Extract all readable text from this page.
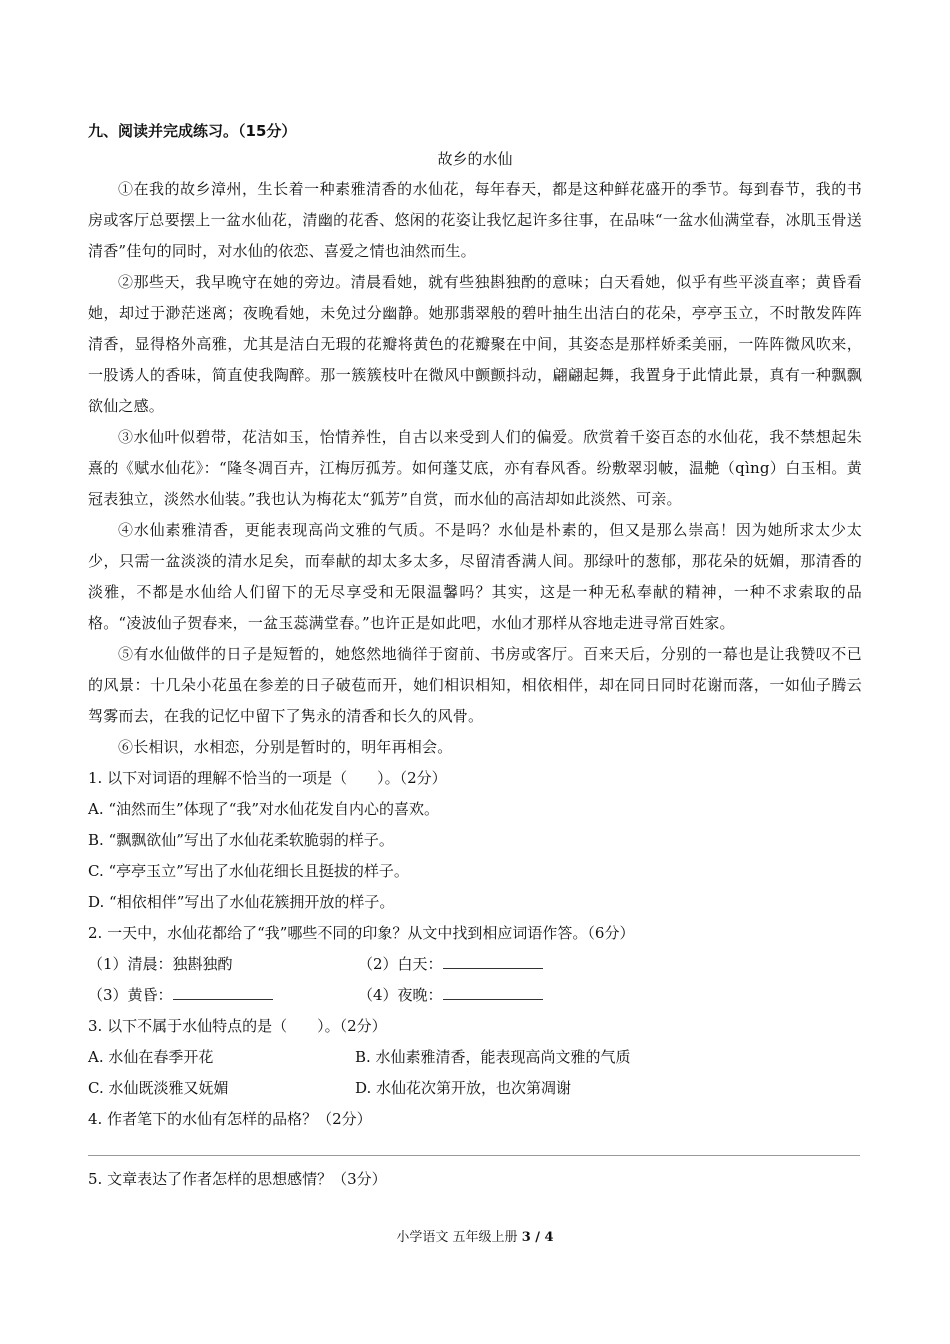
九、阅读并完成练习。（15分）
故乡的水仙

①在我的故乡漳州，生长着一种素雅清香的水仙花，每年春天，都是这种鲜花盛开的季节。每到春节，我的书房或客厅总要摆上一盆水仙花，清幽的花香、悠闲的花姿让我忆起许多往事，在品味“一盆水仙满堂春，冰肌玉骨送清香”佳句的同时，对水仙的依恋、喜爱之情也油然而生。

②那些天，我早晚守在她的旁边。清晨看她，就有些独斟独酌的意味；白天看她，似乎有些平淡直率；黄昏看她，却过于渺茫迷离；夜晚看她，未免过分幽静。她那翡翠般的碧叶抽生出洁白的花朵，亭亭玉立，不时散发阵阵清香，显得格外高雅，尤其是洁白无瑕的花瓣将黄色的花瓣聚在中间，其姿态是那样娇柔美丽，一阵阵微风吹来，一股诱人的香味，简直使我陶醉。那一簇簇枝叶在微风中颤颤抖动，翩翩起舞，我置身于此情此景，真有一种飘飘欲仙之感。

③水仙叶似碧带，花洁如玉，怡情养性，自古以来受到人们的偏爱。欣赏着千姿百态的水仙花，我不禁想起朱熹的《赋水仙花》：“隆冬凋百卉，江梅厉孤芳。如何蓬艾底，亦有春风香。纷敷翠羽帔，温艴（qìng）白玉相。黄冠表独立，淡然水仙装。”我也认为梅花太“狐芳”自赏，而水仙的高洁却如此淡然、可亲。

④水仙素雅清香，更能表现高尚文雅的气质。不是吗？水仙是朴素的，但又是那么崇高！因为她所求太少太少，只需一盆淡淡的清水足矣，而奉献的却太多太多，尽留清香满人间。那绿叶的葱郁，那花朵的妩媚，那清香的淡雅，不都是水仙给人们留下的无尽享受和无限温馨吗？其实，这是一种无私奉献的精神，一种不求索取的品格。“凌波仙子贺春来，一盆玉蕊满堂春。”也许正是如此吧，水仙才那样从容地走进寻常百姓家。

⑤有水仙做伴的日子是短暂的，她悠然地徜徉于窗前、书房或客厅。百来天后，分别的一幕也是让我赞叹不已的风景：十几朵小花虽在参差的日子破苞而开，她们相识相知，相依相伴，却在同日同时花谢而落，一如仙子腾云驾雾而去，在我的记忆中留下了隽永的清香和长久的风骨。

⑥长相识，水相恋，分别是暂时的，明年再相会。

1. 以下对词语的理解不恰当的一项是（　　）。（2分）

A. “油然而生”体现了“我”对水仙花发自内心的喜欢。

B. “飘飘欲仙”写出了水仙花柔软脆弱的样子。

C. “亭亭玉立”写出了水仙花细长且挺拔的样子。

D. “相依相伴”写出了水仙花簇拥开放的样子。

2. 一天中，水仙花都给了“我”哪些不同的印象？从文中找到相应词语作答。（6分）

（1）清晨：独斟独酌	（2）白天：
（3）黄昏：	（4）夜晚：

3. 以下不属于水仙特点的是（　　）。（2分）

A. 水仙在春季开花	B. 水仙素雅清香，能表现高尚文雅的气质
C. 水仙既淡雅又妩媚	D. 水仙花次第开放，也次第凋谢

4. 作者笔下的水仙有怎样的品格？（2分）

5. 文章表达了作者怎样的思想感情？（3分）

小学语文 五年级上册 3 / 4
